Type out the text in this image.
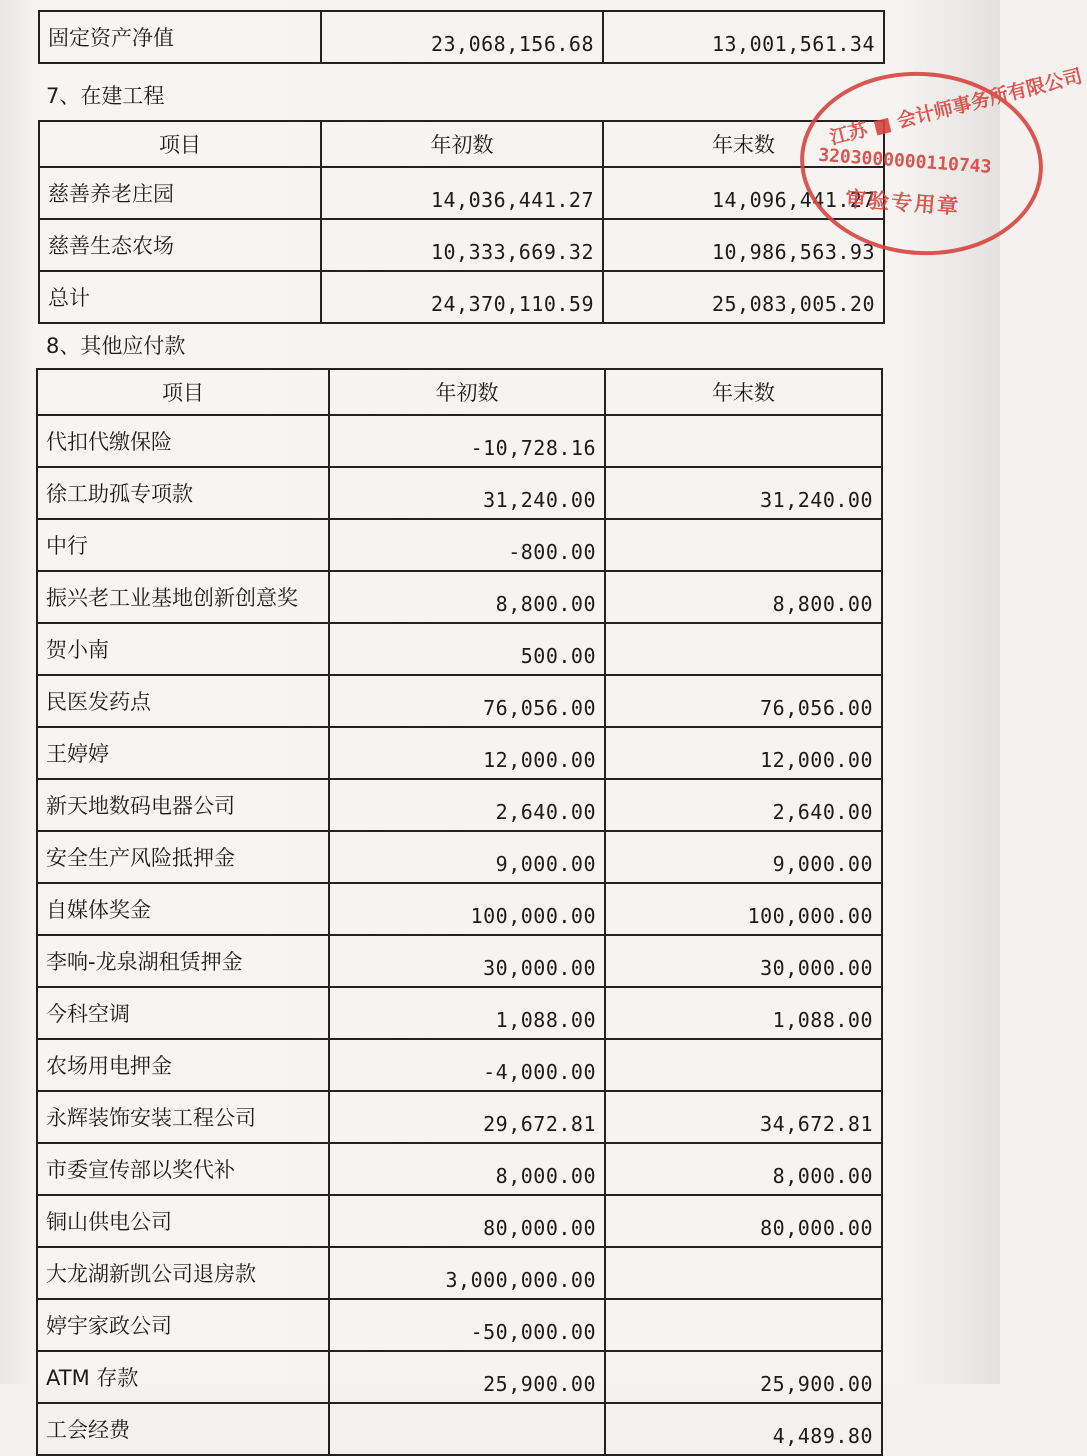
固定资产净值	23,068,156.68	13,001,561.34
7、在建工程
项目	年初数	年末数
慈善养老庄园	14,036,441.27	14,096,441.27
慈善生态农场	10,333,669.32	10,986,563.93
总计	24,370,110.59	25,083,005.20
8、其他应付款
项目	年初数	年末数
代扣代缴保险	-10,728.16	
徐工助孤专项款	31,240.00	31,240.00
中行	-800.00	
振兴老工业基地创新创意奖	8,800.00	8,800.00
贺小南	500.00	
民医发药点	76,056.00	76,056.00
王婷婷	12,000.00	12,000.00
新天地数码电器公司	2,640.00	2,640.00
安全生产风险抵押金	9,000.00	9,000.00
自媒体奖金	100,000.00	100,000.00
李响-龙泉湖租赁押金	30,000.00	30,000.00
今科空调	1,088.00	1,088.00
农场用电押金	-4,000.00	
永辉装饰安装工程公司	29,672.81	34,672.81
市委宣传部以奖代补	8,000.00	8,000.00
铜山供电公司	80,000.00	80,000.00
大龙湖新凯公司退房款	3,000,000.00	
婷宇家政公司	-50,000.00	
ATM 存款	25,900.00	25,900.00
工会经费		4,489.80
江苏 ■ 会计师事务所有限公司
3203000000110743
审验专用章
